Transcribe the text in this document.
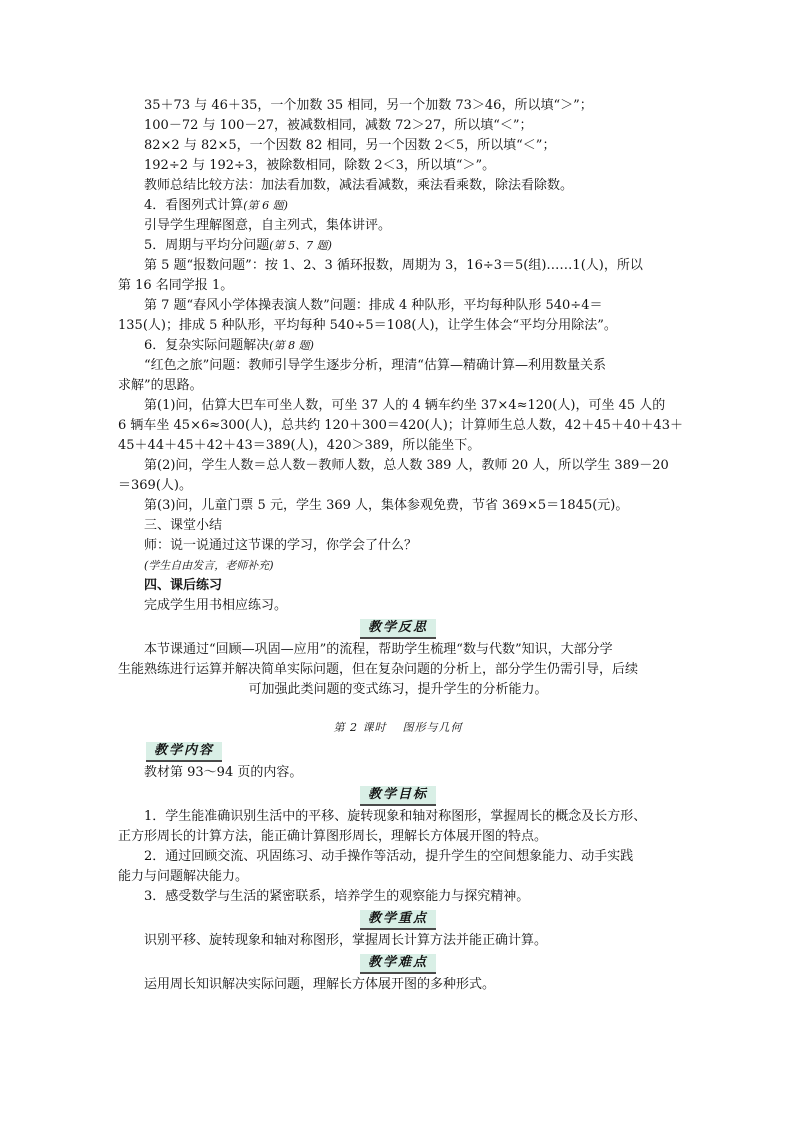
35＋73 与 46＋35，一个加数 35 相同，另一个加数 73＞46，所以填“＞”；

100－72 与 100－27，被减数相同，减数 72＞27，所以填“＜”；

82×2 与 82×5，一个因数 82 相同，另一个因数 2＜5，所以填“＜”；

192÷2 与 192÷3，被除数相同，除数 2＜3，所以填“＞”。

教师总结比较方法：加法看加数，减法看减数，乘法看乘数，除法看除数。

4．看图列式计算(第 6 题)

引导学生理解图意，自主列式，集体讲评。

5．周期与平均分问题(第 5、7 题)

第 5 题“报数问题”：按 1、2、3 循环报数，周期为 3，16÷3＝5(组)……1(人)，所以

第 16 名同学报 1。

第 7 题“春风小学体操表演人数”问题：排成 4 种队形，平均每种队形 540÷4＝

135(人)；排成 5 种队形，平均每种 540÷5＝108(人)，让学生体会“平均分用除法”。

6．复杂实际问题解决(第 8 题)

“红色之旅”问题：教师引导学生逐步分析，理清“估算—精确计算—利用数量关系

求解”的思路。

第(1)问，估算大巴车可坐人数，可坐 37 人的 4 辆车约坐 37×4≈120(人)，可坐 45 人的

6 辆车坐 45×6≈300(人)，总共约 120＋300＝420(人)；计算师生总人数，42＋45＋40＋43＋

45＋44＋45＋42＋43＝389(人)，420＞389，所以能坐下。

第(2)问，学生人数＝总人数－教师人数，总人数 389 人，教师 20 人，所以学生 389－20

＝369(人)。

第(3)问，儿童门票 5 元，学生 369 人，集体参观免费，节省 369×5＝1845(元)。

三、课堂小结

师：说一说通过这节课的学习，你学会了什么？

(学生自由发言，老师补充)

四、课后练习

完成学生用书相应练习。

教学反思

本节课通过“回顾—巩固—应用”的流程，帮助学生梳理“数与代数”知识，大部分学

生能熟练进行运算并解决简单实际问题，但在复杂问题的分析上，部分学生仍需引导，后续

可加强此类问题的变式练习，提升学生的分析能力。

第 2 课时 图形与几何
教学内容

教材第 93～94 页的内容。

教学目标

1．学生能准确识别生活中的平移、旋转现象和轴对称图形，掌握周长的概念及长方形、

正方形周长的计算方法，能正确计算图形周长，理解长方体展开图的特点。

2．通过回顾交流、巩固练习、动手操作等活动，提升学生的空间想象能力、动手实践

能力与问题解决能力。

3．感受数学与生活的紧密联系，培养学生的观察能力与探究精神。

教学重点

识别平移、旋转现象和轴对称图形，掌握周长计算方法并能正确计算。

教学难点

运用周长知识解决实际问题，理解长方体展开图的多种形式。
